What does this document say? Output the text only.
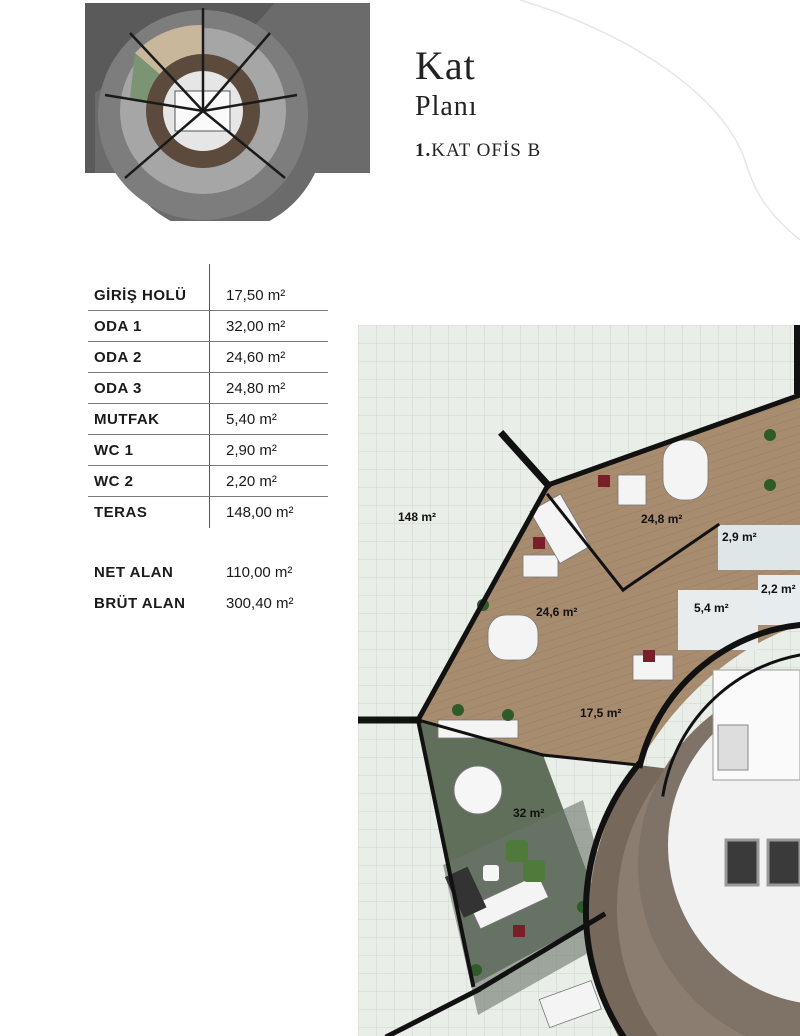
Kat
Planı
1.KAT OFİS B
GİRİŞ HOLÜ	17,50 m²
ODA 1	32,00 m²
ODA 2	24,60 m²
ODA 3	24,80 m²
MUTFAK	5,40 m²
WC 1	2,90 m²
WC 2	2,20 m²
TERAS	148,00 m²
NET ALAN	110,00 m²
BRÜT ALAN	300,40 m²
148 m²	24,8 m²
2,9 m²
2,2 m²
24,6 m²	5,4 m²
17,5 m²
32 m²
